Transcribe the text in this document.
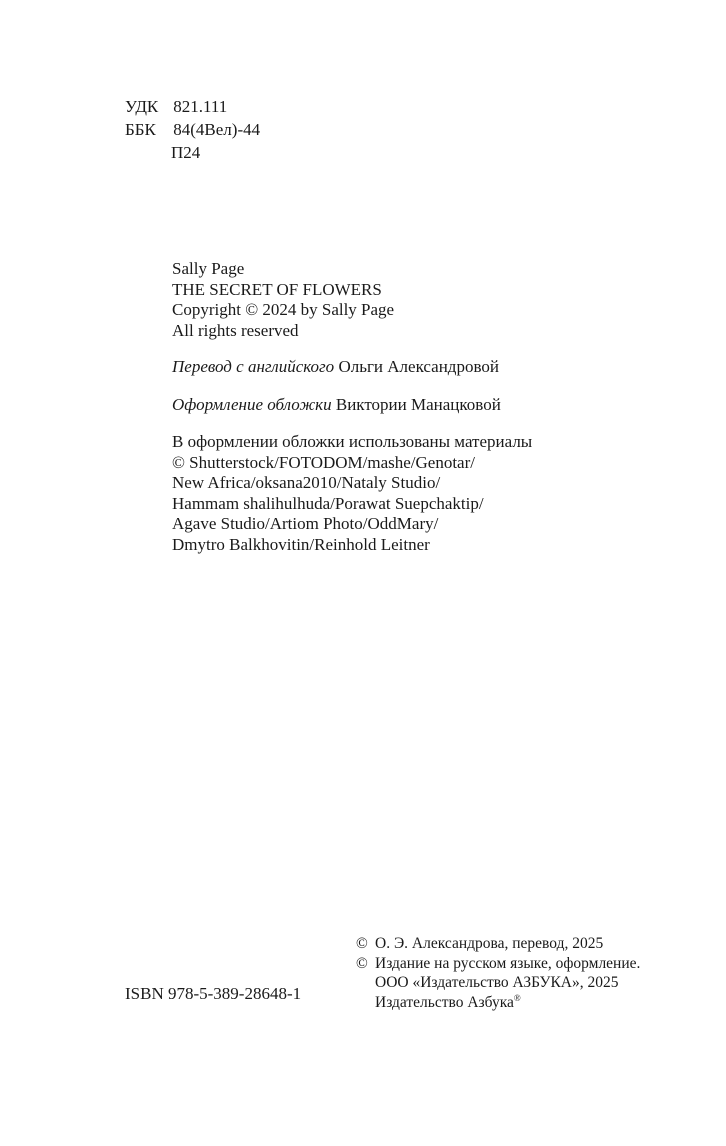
УДК 821.111
ББК 84(4Вел)-44
П24
Sally Page
THE SECRET OF FLOWERS
Copyright © 2024 by Sally Page
All rights reserved
Перевод с английского Ольги Александровой
Оформление обложки Виктории Манацковой
В оформлении обложки использованы материалы
© Shutterstock/FOTODOM/mashe/Genotar/
New Africa/oksana2010/Nataly Studio/
Hammam shalihulhuda/Porawat Suepchaktip/
Agave Studio/Artiom Photo/OddMary/
Dmytro Balkhovitin/Reinhold Leitner
ISBN 978-5-389-28648-1
© О. Э. Александрова, перевод, 2025
© Издание на русском языке, оформление.
ООО «Издательство АЗБУКА», 2025
Издательство Азбука®
